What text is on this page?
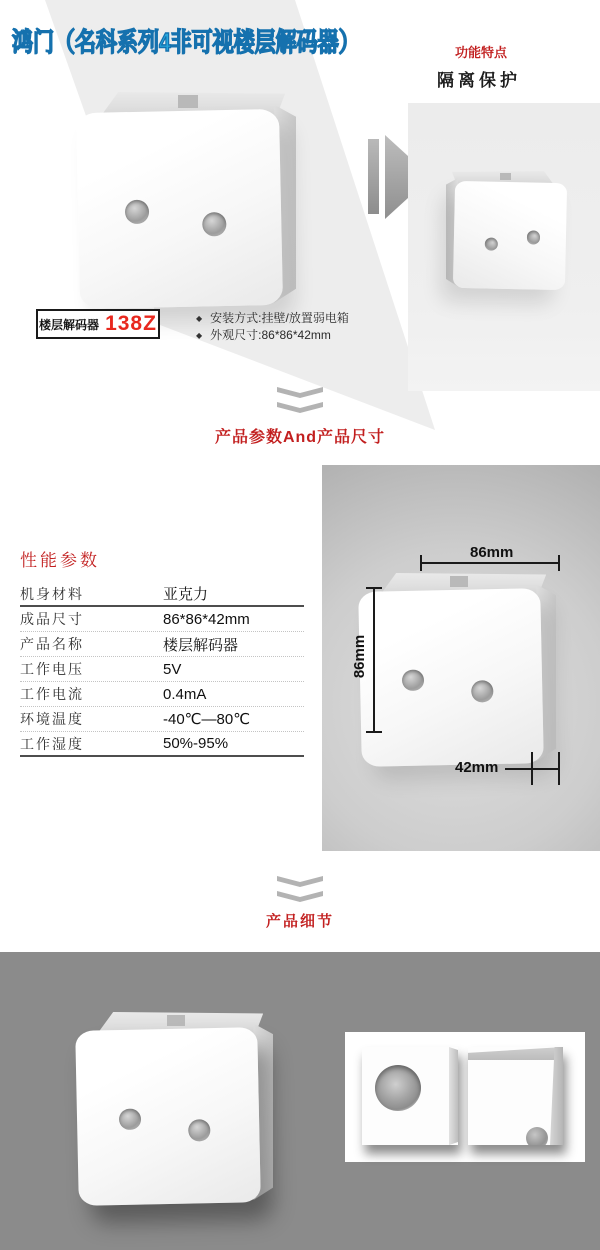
鸿门（名科系列4非可视楼层解码器）	功能特点
隔离保护
楼层解码器 138Z	◆ 安装方式:挂壁/放置弱电箱
◆ 外观尺寸:86*86*42mm
产品参数And产品尺寸
性能参数
机身材料	亚克力
成品尺寸	86*86*42mm
产品名称	楼层解码器
工作电压	5V
工作电流	0.4mA
环境温度	-40℃—80℃
工作湿度	50%-95%
86mm
86mm
42mm
产品细节
